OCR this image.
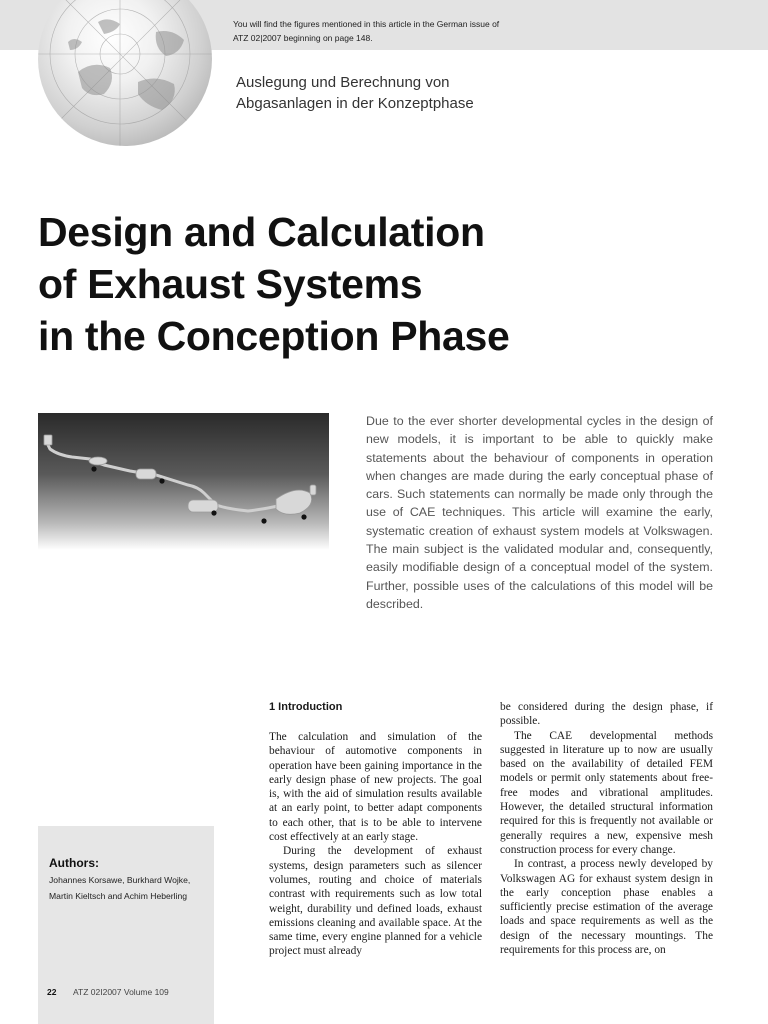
You will find the figures mentioned in this article in the German issue of
ATZ 02|2007 beginning on page 148.
Auslegung und Berechnung von
Abgasanlagen in der Konzeptphase
Design and Calculation
of Exhaust Systems
in the Conception Phase
Due to the ever shorter developmental cycles in the design of new models, it is important to be able to quickly make statements about the behaviour of components in operation when changes are made during the early conceptual phase of cars. Such statements can normally be made only through the use of CAE techniques. This article will examine the early, systematic creation of exhaust system models at Volkswagen. The main subject is the validated modular and, consequently, easily modifiable design of a conceptual model of the system. Further, possible uses of the calculations of this model will be described.
1 Introduction

The calculation and simulation of the behaviour of automotive components in operation have been gaining importance in the early design phase of new projects. The goal is, with the aid of simulation results available at an early point, to better adapt components to each other, that is to be able to intervene cost effectively at an early stage.

During the development of exhaust systems, design parameters such as silencer volumes, routing and choice of materials contrast with requirements such as low total weight, durability und defined loads, exhaust emissions cleaning and available space. At the same time, every engine planned for a vehicle project must already

be considered during the design phase, if possible.

The CAE developmental methods suggested in literature up to now are usually based on the availability of detailed FEM models or permit only statements about free-free modes and vibrational amplitudes. However, the detailed structural information required for this is frequently not available or generally requires a new, expensive mesh construction process for every change.

In contrast, a process newly developed by Volkswagen AG for exhaust system design in the early conception phase enables a sufficiently precise estimation of the average loads and space requirements as well as the design of the necessary mountings. The requirements for this process are, on

Authors:
Johannes Korsawe, Burkhard Wojke, Martin Kieltsch and Achim Heberling
22 ATZ 02I2007 Volume 109
